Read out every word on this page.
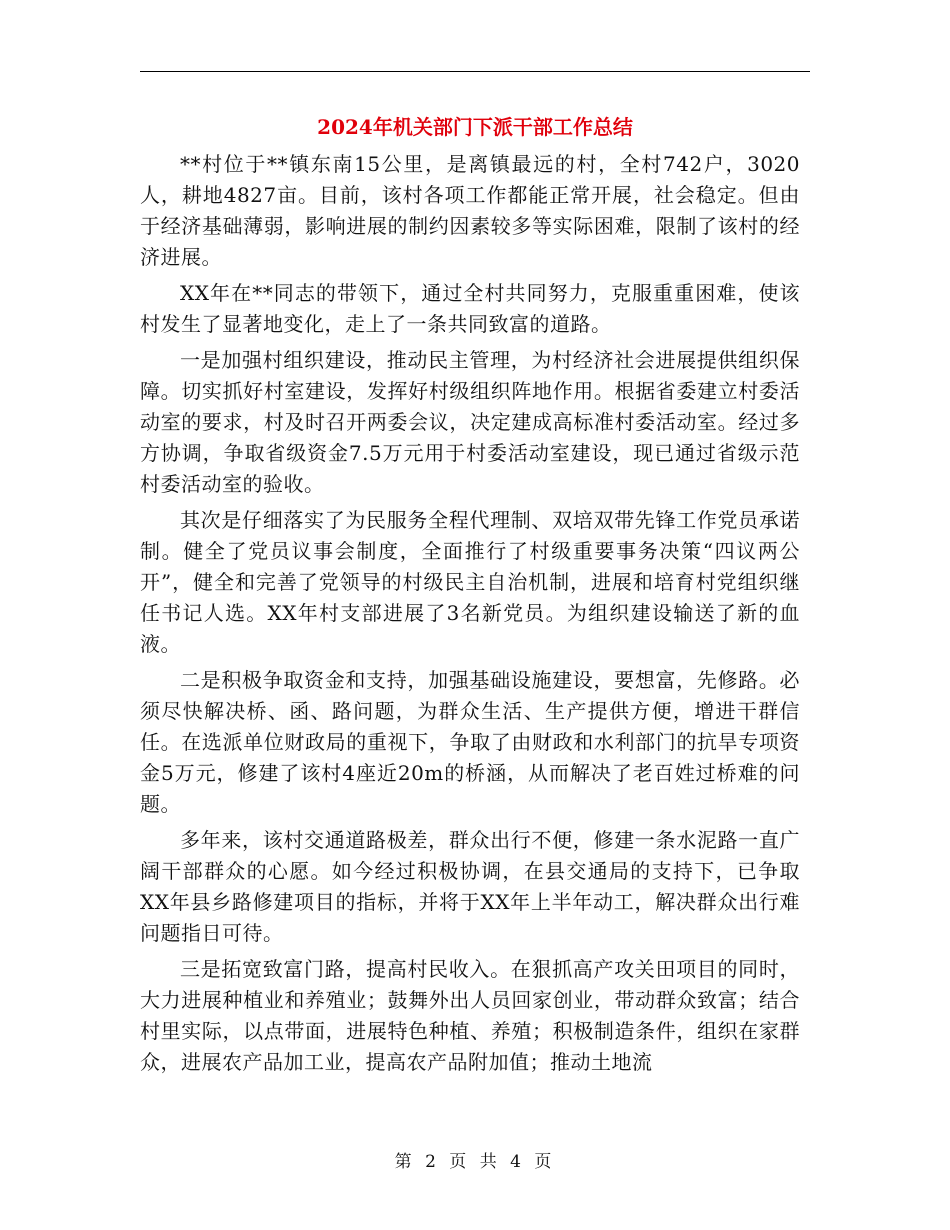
2024年机关部门下派干部工作总结

**村位于**镇东南15公里，是离镇最远的村，全村742户，3020人，耕地4827亩。目前，该村各项工作都能正常开展，社会稳定。但由于经济基础薄弱，影响进展的制约因素较多等实际困难，限制了该村的经济进展。

XX年在**同志的带领下，通过全村共同努力，克服重重困难，使该村发生了显著地变化，走上了一条共同致富的道路。

一是加强村组织建设，推动民主管理，为村经济社会进展提供组织保障。切实抓好村室建设，发挥好村级组织阵地作用。根据省委建立村委活动室的要求，村及时召开两委会议，决定建成高标准村委活动室。经过多方协调，争取省级资金7.5万元用于村委活动室建设，现已通过省级示范村委活动室的验收。

其次是仔细落实了为民服务全程代理制、双培双带先锋工作党员承诺制。健全了党员议事会制度，全面推行了村级重要事务决策“四议两公开”，健全和完善了党领导的村级民主自治机制，进展和培育村党组织继任书记人选。XX年村支部进展了3名新党员。为组织建设输送了新的血液。

二是积极争取资金和支持，加强基础设施建设，要想富，先修路。必须尽快解决桥、函、路问题，为群众生活、生产提供方便，增进干群信任。在选派单位财政局的重视下，争取了由财政和水利部门的抗旱专项资金5万元，修建了该村4座近20m的桥涵，从而解决了老百姓过桥难的问题。

多年来，该村交通道路极差，群众出行不便，修建一条水泥路一直广阔干部群众的心愿。如今经过积极协调，在县交通局的支持下，已争取XX年县乡路修建项目的指标，并将于XX年上半年动工，解决群众出行难问题指日可待。

三是拓宽致富门路，提高村民收入。在狠抓高产攻关田项目的同时，大力进展种植业和养殖业；鼓舞外出人员回家创业，带动群众致富；结合村里实际，以点带面，进展特色种植、养殖；积极制造条件，组织在家群众，进展农产品加工业，提高农产品附加值；推动土地流

第 2 页 共 4 页
